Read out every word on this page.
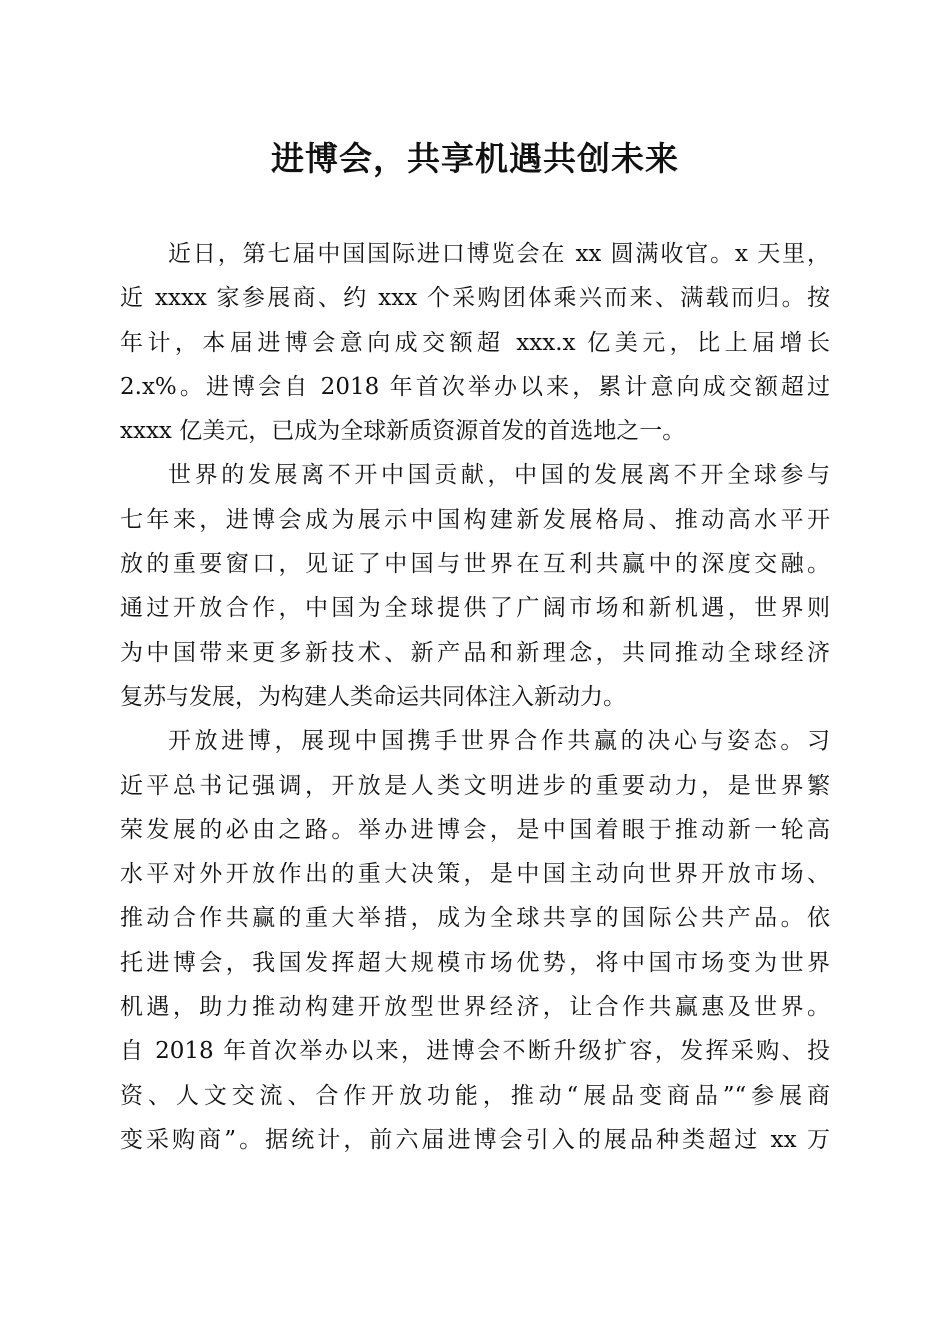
进博会，共享机遇共创未来
近日，第七届中国国际进口博览会在 xx 圆满收官。x 天里，
近 xxxx 家参展商、约 xxx 个采购团体乘兴而来、满载而归。按
年计，本届进博会意向成交额超 xxx.x 亿美元，比上届增长
2.x%。进博会自 2018 年首次举办以来，累计意向成交额超过
xxxx 亿美元，已成为全球新质资源首发的首选地之一。
世界的发展离不开中国贡献，中国的发展离不开全球参与
七年来，进博会成为展示中国构建新发展格局、推动高水平开
放的重要窗口，见证了中国与世界在互利共赢中的深度交融。
通过开放合作，中国为全球提供了广阔市场和新机遇，世界则
为中国带来更多新技术、新产品和新理念，共同推动全球经济
复苏与发展，为构建人类命运共同体注入新动力。
开放进博，展现中国携手世界合作共赢的决心与姿态。习
近平总书记强调，开放是人类文明进步的重要动力，是世界繁
荣发展的必由之路。举办进博会，是中国着眼于推动新一轮高
水平对外开放作出的重大决策，是中国主动向世界开放市场、
推动合作共赢的重大举措，成为全球共享的国际公共产品。依
托进博会，我国发挥超大规模市场优势，将中国市场变为世界
机遇，助力推动构建开放型世界经济，让合作共赢惠及世界。
自 2018 年首次举办以来，进博会不断升级扩容，发挥采购、投
资、人文交流、合作开放功能，推动“展品变商品”“参展商
变采购商”。据统计，前六届进博会引入的展品种类超过 xx 万
